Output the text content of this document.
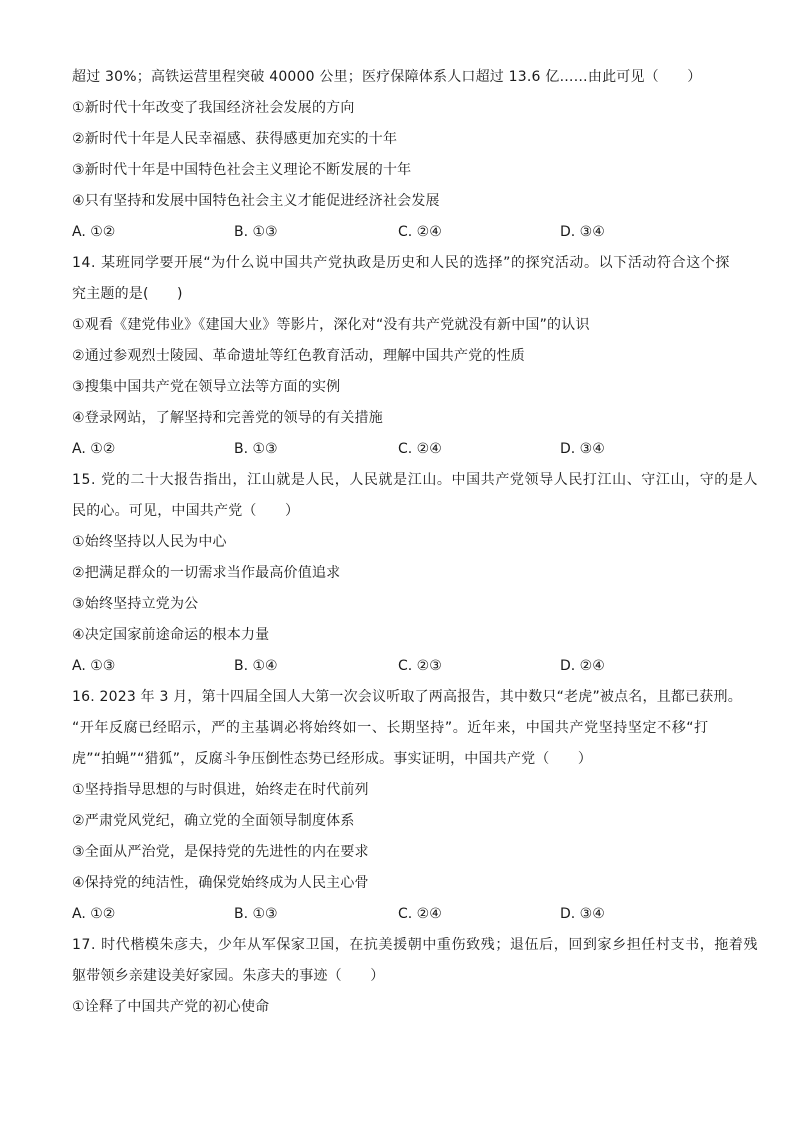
超过 30%；高铁运营里程突破 40000 公里；医疗保障体系人口超过 13.6 亿……由此可见（　　）
①新时代十年改变了我国经济社会发展的方向
②新时代十年是人民幸福感、获得感更加充实的十年
③新时代十年是中国特色社会主义理论不断发展的十年
④只有坚持和发展中国特色社会主义才能促进经济社会发展
A. ①②	B. ①③	C. ②④	D. ③④
14. 某班同学要开展“为什么说中国共产党执政是历史和人民的选择”的探究活动。以下活动符合这个探
究主题的是(　　)
①观看《建党伟业》《建国大业》等影片，深化对“没有共产党就没有新中国”的认识
②通过参观烈士陵园、革命遗址等红色教育活动，理解中国共产党的性质
③搜集中国共产党在领导立法等方面的实例
④登录网站，了解坚持和完善党的领导的有关措施
A. ①②	B. ①③	C. ②④	D. ③④
15. 党的二十大报告指出，江山就是人民，人民就是江山。中国共产党领导人民打江山、守江山，守的是人
民的心。可见，中国共产党（　　）
①始终坚持以人民为中心
②把满足群众的一切需求当作最高价值追求
③始终坚持立党为公
④决定国家前途命运的根本力量
A. ①③	B. ①④	C. ②③	D. ②④
16. 2023 年 3 月，第十四届全国人大第一次会议听取了两高报告，其中数只“老虎”被点名，且都已获刑。
“开年反腐已经昭示，严的主基调必将始终如一、长期坚持”。近年来，中国共产党坚持坚定不移“打
虎”“拍蝇”“猎狐”，反腐斗争压倒性态势已经形成。事实证明，中国共产党（　　）
①坚持指导思想的与时俱进，始终走在时代前列
②严肃党风党纪，确立党的全面领导制度体系
③全面从严治党，是保持党的先进性的内在要求
④保持党的纯洁性，确保党始终成为人民主心骨
A. ①②	B. ①③	C. ②④	D. ③④
17. 时代楷模朱彦夫，少年从军保家卫国，在抗美援朝中重伤致残；退伍后，回到家乡担任村支书，拖着残
躯带领乡亲建设美好家园。朱彦夫的事迹（　　）
①诠释了中国共产党的初心使命
